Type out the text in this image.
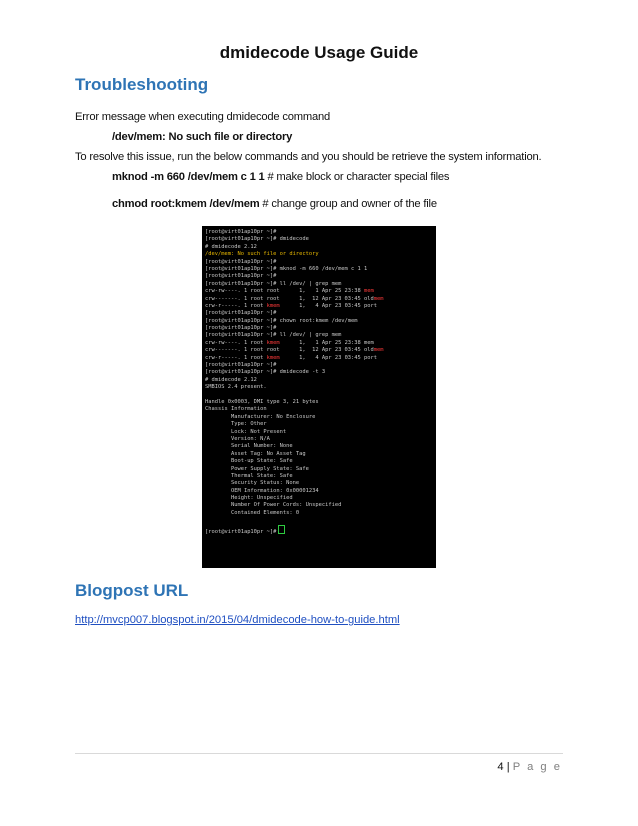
dmidecode Usage Guide
Troubleshooting
Error message when executing dmidecode command
/dev/mem: No such file or directory
To resolve this issue, run the below commands and you should be retrieve the system information.
mknod -m 660 /dev/mem c 1 1 # make block or character special files
chmod root:kmem /dev/mem # change group and owner of the file
[root@virt01ap10pr ~]#
[root@virt01ap10pr ~]# dmidecode
# dmidecode 2.12
/dev/mem: No such file or directory
[root@virt01ap10pr ~]#
[root@virt01ap10pr ~]# mknod -m 660 /dev/mem c 1 1
[root@virt01ap10pr ~]#
[root@virt01ap10pr ~]# ll /dev/ | grep mem
crw-rw----. 1 root root      1,   1 Apr 25 23:38 mem
crw-------. 1 root root      1,  12 Apr 23 03:45 oldmem
crw-r-----. 1 root kmem      1,   4 Apr 23 03:45 port
[root@virt01ap10pr ~]#
[root@virt01ap10pr ~]# chown root:kmem /dev/mem
[root@virt01ap10pr ~]#
[root@virt01ap10pr ~]# ll /dev/ | grep mem
crw-rw----. 1 root kmem      1,   1 Apr 25 23:38 mem
crw-------. 1 root root      1,  12 Apr 23 03:45 oldmem
crw-r-----. 1 root kmem      1,   4 Apr 23 03:45 port
[root@virt01ap10pr ~]#
[root@virt01ap10pr ~]# dmidecode -t 3
# dmidecode 2.12
SMBIOS 2.4 present.
Handle 0x0003, DMI type 3, 21 bytes
Chassis Information
Manufacturer: No Enclosure
Type: Other
Lock: Not Present
Version: N/A
Serial Number: None
Asset Tag: No Asset Tag
Boot-up State: Safe
Power Supply State: Safe
Thermal State: Safe
Security Status: None
OEM Information: 0x00001234
Height: Unspecified
Number Of Power Cords: Unspecified
Contained Elements: 0
[root@virt01ap10pr ~]#
Blogpost URL
http://mvcp007.blogspot.in/2015/04/dmidecode-how-to-guide.html
4 | P a g e
